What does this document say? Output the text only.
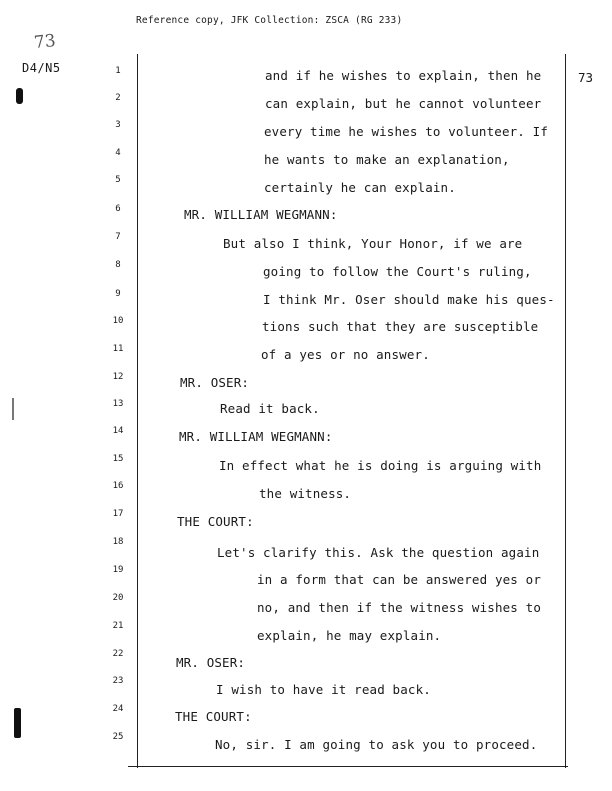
Reference copy, JFK Collection: ZSCA (RG 233)
73
D4/N5
73
1
2
3
4
5
6
7
8
9
10
11
12
13
14
15
16
17
18
19
20
21
22
23
24
25
and if he wishes to explain, then he
can explain, but he cannot volunteer
every time he wishes to volunteer. If
he wants to make an explanation,
certainly he can explain.
MR. WILLIAM WEGMANN:
But also I think, Your Honor, if we are
going to follow the Court's ruling,
I think Mr. Oser should make his ques-
tions such that they are susceptible
of a yes or no answer.
MR. OSER:
Read it back.
MR. WILLIAM WEGMANN:
In effect what he is doing is arguing with
the witness.
THE COURT:
Let's clarify this. Ask the question again
in a form that can be answered yes or
no, and then if the witness wishes to
explain, he may explain.
MR. OSER:
I wish to have it read back.
THE COURT:
No, sir. I am going to ask you to proceed.
